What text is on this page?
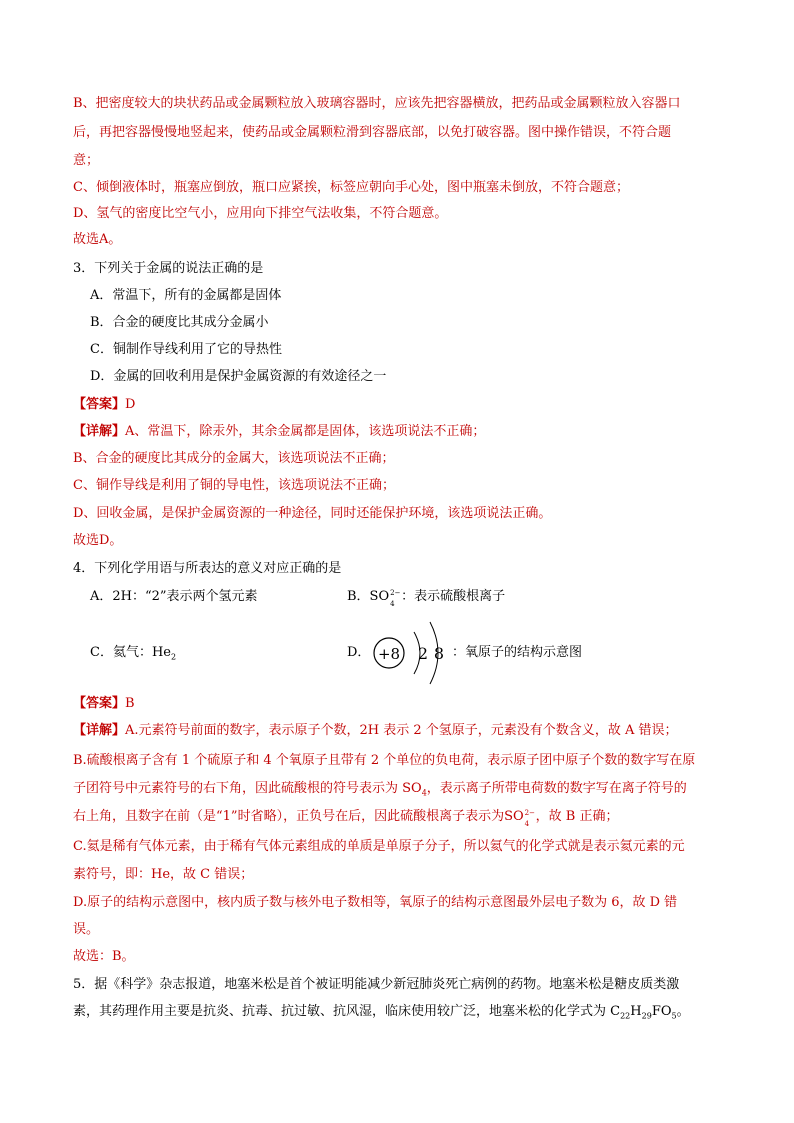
B、把密度较大的块状药品或金属颗粒放入玻璃容器时，应该先把容器横放，把药品或金属颗粒放入容器口
后，再把容器慢慢地竖起来，使药品或金属颗粒滑到容器底部，以免打破容器。图中操作错误，不符合题
意；
C、倾倒液体时，瓶塞应倒放，瓶口应紧挨，标签应朝向手心处，图中瓶塞未倒放，不符合题意；
D、氢气的密度比空气小，应用向下排空气法收集，不符合题意。
故选A。
3．下列关于金属的说法正确的是
A．常温下，所有的金属都是固体
B．合金的硬度比其成分金属小
C．铜制作导线利用了它的导热性
D．金属的回收利用是保护金属资源的有效途径之一
【答案】D
【详解】A、常温下，除汞外，其余金属都是固体，该选项说法不正确；
B、合金的硬度比其成分的金属大，该选项说法不正确；
C、铜作导线是利用了铜的导电性，该选项说法不正确；
D、回收金属，是保护金属资源的一种途径，同时还能保护环境，该选项说法正确。
故选D。
4．下列化学用语与所表达的意义对应正确的是
A．2H：“2”表示两个氢元素	B．SO 2−
4 ：表示硫酸根离子
C．氦气：$He_2$	D． +8 2 8 ：氧原子的结构示意图
【答案】B
【详解】A.元素符号前面的数字，表示原子个数，2H 表示 2 个氢原子，元素没有个数含义，故 A 错误；
B.硫酸根离子含有 1 个硫原子和 4 个氧原子且带有 2 个单位的负电荷，表示原子团中原子个数的数字写在原
子团符号中元素符号的右下角，因此硫酸根的符号表示为 $SO_4$，表示离子所带电荷数的数字写在离子符号的
右上角，且数字在前（是“1”时省略），正负号在后，因此硫酸根离子表示为SO 2−
4 ，故 B 正确；
C.氦是稀有气体元素，由于稀有气体元素组成的单质是单原子分子，所以氦气的化学式就是表示氦元素的元
素符号，即：He，故 C 错误；
D.原子的结构示意图中，核内质子数与核外电子数相等，氧原子的结构示意图最外层电子数为 6，故 D 错
误。
故选：B。
5．据《科学》杂志报道，地塞米松是首个被证明能减少新冠肺炎死亡病例的药物。地塞米松是糖皮质类激
素，其药理作用主要是抗炎、抗毒、抗过敏、抗风湿，临床使用较广泛，地塞米松的化学式为 $C_{22}H_{29}FO_5$。
